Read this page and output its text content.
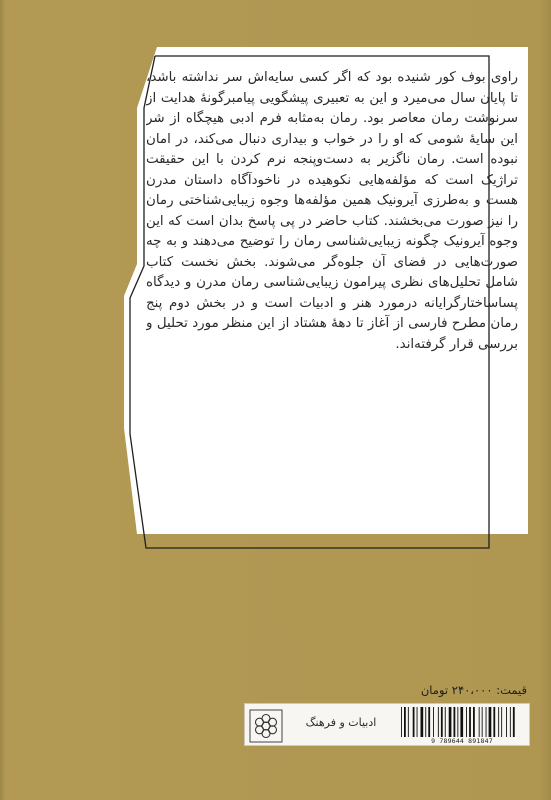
راوی بوف کور شنیده بود که اگر کسی سایه‌اش سر نداشته باشد، تا پایان سال می‌میرد و این به تعبیری پیشگویی پیامبرگونهٔ هدایت از سرنوشت رمان معاصر بود. رمان به‌مثابه فرم ادبی هیچگاه از شر این سایهٔ شومی که او را در خواب و بیداری دنبال می‌کند، در امان نبوده است. رمان ناگزیر به دست‌وپنجه نرم کردن با این حقیقت تراژیک است که مؤلفه‌هایی نکوهیده در ناخودآگاه داستان مدرن هست و به‌طرزی آیرونیک همین مؤلفه‌ها وجوه زیبایی‌شناختی رمان را نیز صورت می‌بخشند. کتاب حاضر در پی پاسخ بدان است که این وجوه آیرونیک چگونه زیبایی‌شناسی رمان را توضیح می‌دهند و به چه صورت‌هایی در فضای آن جلوه‌گر می‌شوند. بخش نخست کتاب شامل تحلیل‌های نظری پیرامون زیبایی‌شناسی رمان مدرن و دیدگاه پساساختارگرایانه درمورد هنر و ادبیات است و در بخش دوم پنج رمان مطرح فارسی از آغاز تا دههٔ هشتاد از این منظر مورد تحلیل و بررسی قرار گرفته‌اند.

قیمت: ۲۴۰،۰۰۰ تومان
9 789644 891847
ادبیات و فرهنگ
